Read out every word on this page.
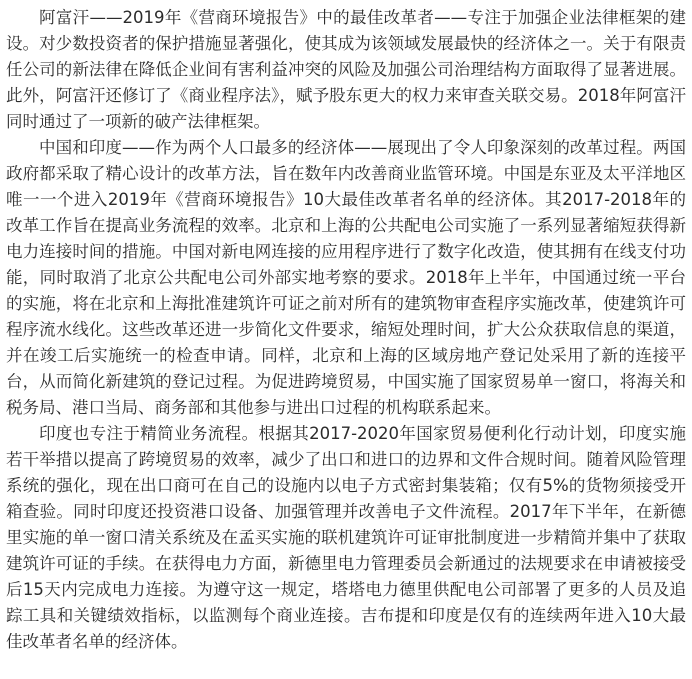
阿富汗——2019年《营商环境报告》中的最佳改革者——专注于加强企业法律框架的建设。对少数投资者的保护措施显著强化，使其成为该领域发展最快的经济体之一。关于有限责任公司的新法律在降低企业间有害利益冲突的风险及加强公司治理结构方面取得了显著进展。此外，阿富汗还修订了《商业程序法》，赋予股东更大的权力来审查关联交易。2018年阿富汗同时通过了一项新的破产法律框架。

中国和印度——作为两个人口最多的经济体——展现出了令人印象深刻的改革过程。两国政府都采取了精心设计的改革方法，旨在数年内改善商业监管环境。中国是东亚及太平洋地区唯一一个进入2019年《营商环境报告》10大最佳改革者名单的经济体。其2017-2018年的改革工作旨在提高业务流程的效率。北京和上海的公共配电公司实施了一系列显著缩短获得新电力连接时间的措施。中国对新电网连接的应用程序进行了数字化改造，使其拥有在线支付功能，同时取消了北京公共配电公司外部实地考察的要求。2018年上半年，中国通过统一平台的实施，将在北京和上海批准建筑许可证之前对所有的建筑物审查程序实施改革，使建筑许可程序流水线化。这些改革还进一步简化文件要求，缩短处理时间，扩大公众获取信息的渠道，并在竣工后实施统一的检查申请。同样，北京和上海的区域房地产登记处采用了新的连接平台，从而简化新建筑的登记过程。为促进跨境贸易，中国实施了国家贸易单一窗口，将海关和税务局、港口当局、商务部和其他参与进出口过程的机构联系起来。

印度也专注于精简业务流程。根据其2017-2020年国家贸易便利化行动计划，印度实施若干举措以提高了跨境贸易的效率，减少了出口和进口的边界和文件合规时间。随着风险管理系统的强化，现在出口商可在自己的设施内以电子方式密封集装箱；仅有5%的货物须接受开箱查验。同时印度还投资港口设备、加强管理并改善电子文件流程。2017年下半年，在新德里实施的单一窗口清关系统及在孟买实施的联机建筑许可证审批制度进一步精简并集中了获取建筑许可证的手续。在获得电力方面，新德里电力管理委员会新通过的法规要求在申请被接受后15天内完成电力连接。为遵守这一规定，塔塔电力德里供配电公司部署了更多的人员及追踪工具和关键绩效指标，以监测每个商业连接。吉布提和印度是仅有的连续两年进入10大最佳改革者名单的经济体。
